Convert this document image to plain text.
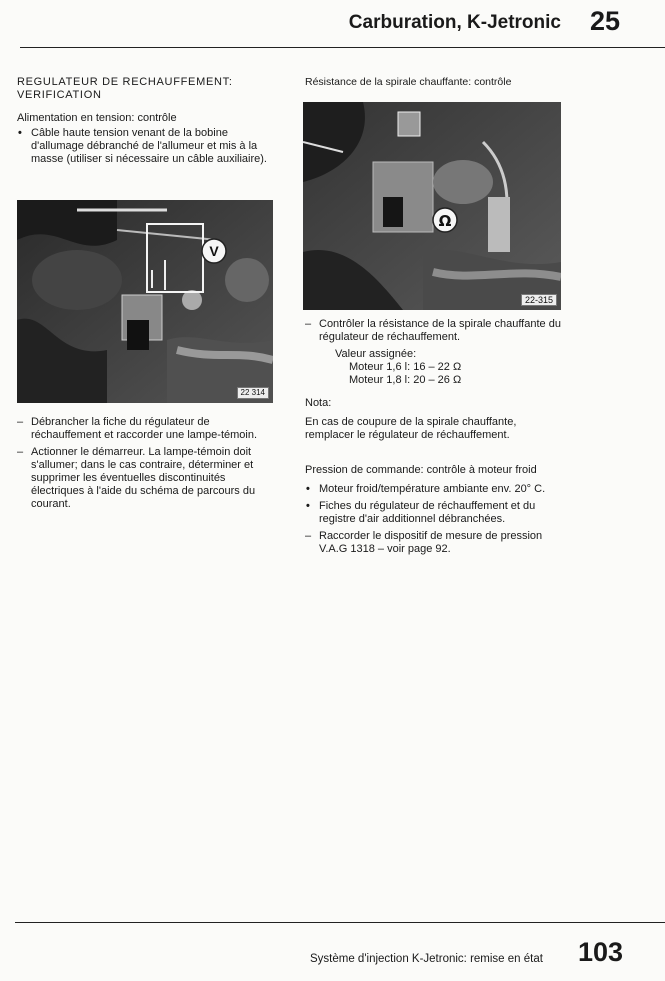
Carburation, K-Jetronic 25
REGULATEUR DE RECHAUFFEMENT:
VERIFICATION
Alimentation en tension: contrôle
• Câble haute tension venant de la bobine d'allumage débranché de l'allumeur et mis à la masse (utiliser si nécessaire un câble auxiliaire).
V
22 314
– Débrancher la fiche du régulateur de réchauffement et raccorder une lampe-témoin.
– Actionner le démarreur. La lampe-témoin doit s'allumer; dans le cas contraire, déterminer et supprimer les éventuelles discontinuités électriques à l'aide du schéma de parcours du courant.
Résistance de la spirale chauffante: contrôle
Ω
22-315
– Contrôler la résistance de la spirale chauffante du régulateur de réchauffement.
Valeur assignée:
Moteur 1,6 l: 16 – 22 Ω
Moteur 1,8 l: 20 – 26 Ω
Nota:
En cas de coupure de la spirale chauffante, remplacer le régulateur de réchauffement.
Pression de commande: contrôle à moteur froid
• Moteur froid/température ambiante env. 20° C.
• Fiches du régulateur de réchauffement et du registre d'air additionnel débranchées.
– Raccorder le dispositif de mesure de pression V.A.G 1318 – voir page 92.
Système d'injection K-Jetronic: remise en état 103
